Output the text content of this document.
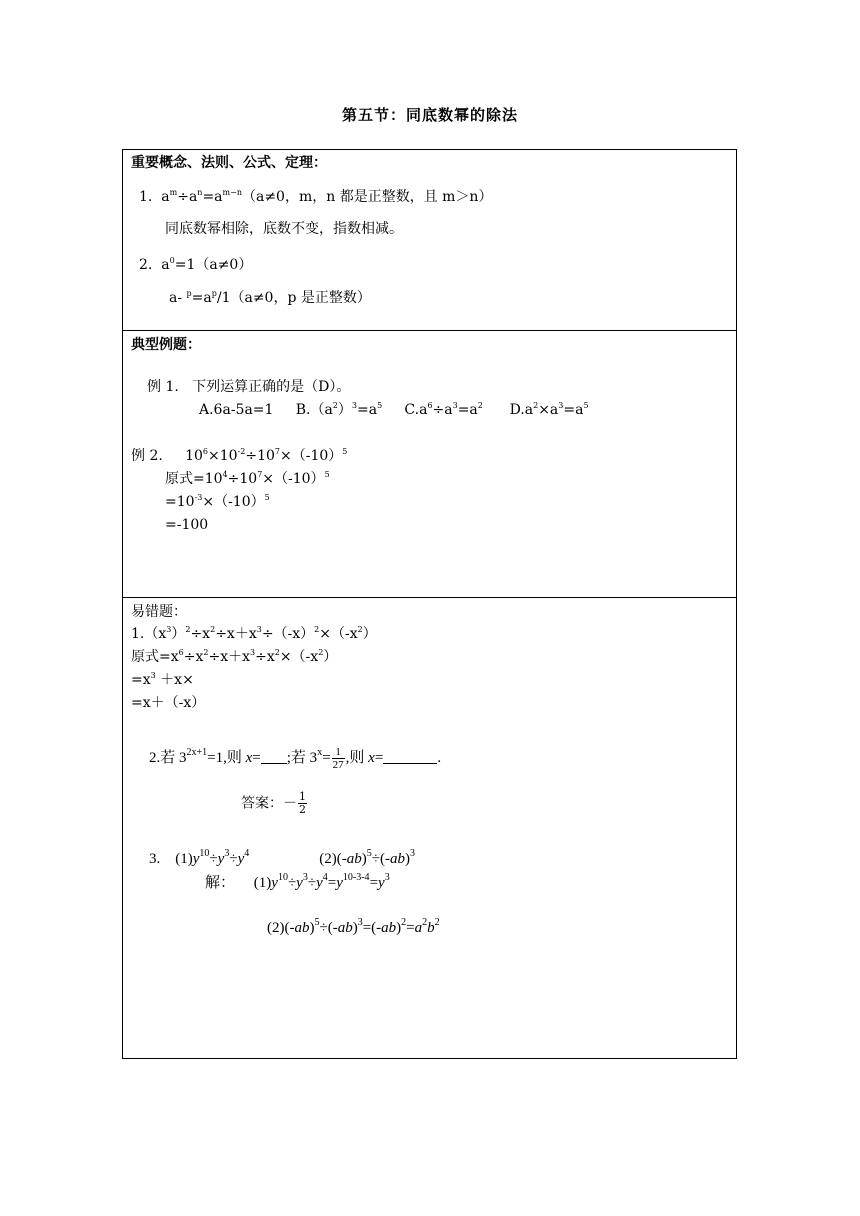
第五节：同底数幂的除法
重要概念、法则、公式、定理：
1. $a^m\div a^n=a^{m-n}(a\ne 0$，m，n 都是正整数，且 m＞n）
同底数幂相除，底数不变，指数相减。
2. $a^0=1(a\ne 0)$
a- $^p=a^p/1(a\ne 0$，p 是正整数）
典型例题：
例 1. 下列运算正确的是（D）。
A.6a-5a=1 $B.(a^2)^3=a^5$ $C.a^6\div a^3=a^2$ $D.a^2\times a^3=a^5$
例 2. $10^6\times 10^{-2}\div 10^7\times(-10)^5$
原式$=10^4\div 10^7\times(-10)^5$
$=10^{-3}\times(-10)^5$
=-100
易错题：
$1.(x^3)^2\div x^2\div x+x^3\div(-x)^2\times(-x^2)$
原式$=x^6\div x^2\div x+x^3\div x^2\times(-x^2)$
$=x^3 +x\times$
=x＋（-x）
2.若 $3^{2x+1}=1$,则 x= ;若 $3^x= \frac{1}{27}$ ,则 x=	.
答案：－ $\frac{1}{2}$
3.    $(1)y^{10}\div y^3\div y^4$	$(2)(-ab)^5\div(-ab)^3$
解：     $(1)y^{10}\div y^3\div y^4=y^{10-3-4}=y^3$
$(2)(-ab)^5\div(-ab)^3=(-ab)^2=a^2b^2$
